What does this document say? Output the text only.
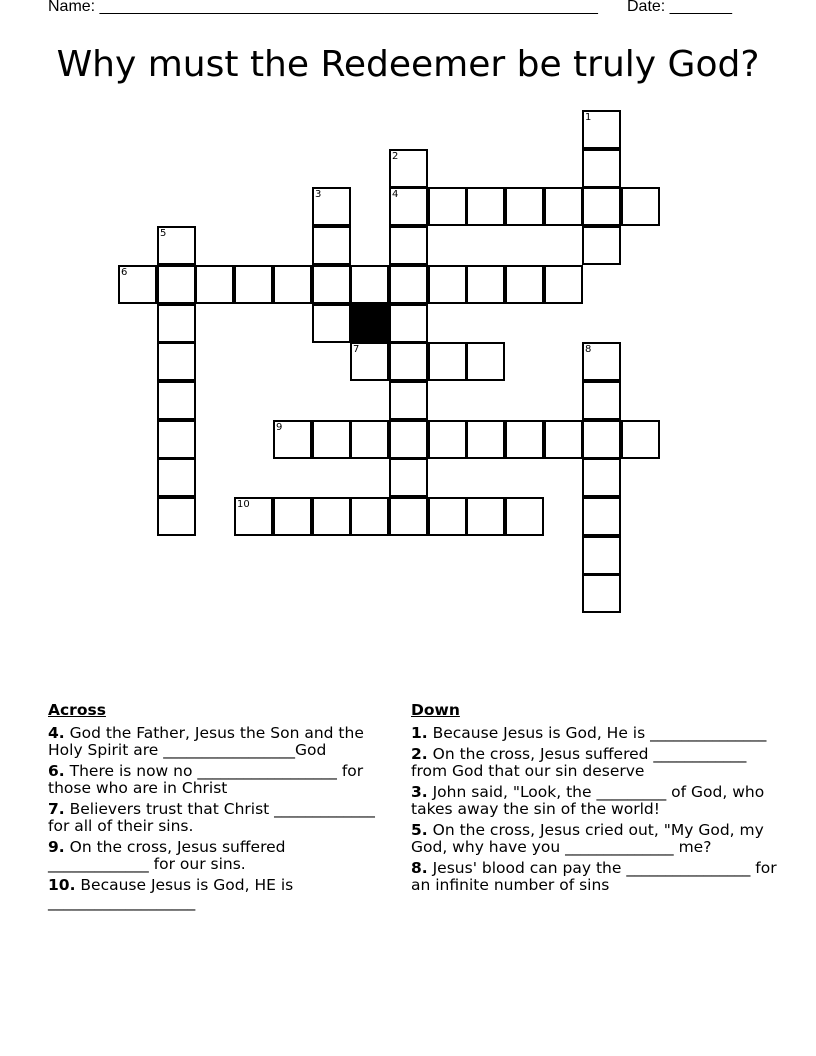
Name: ________________________________________________________ Date: _______
Why must the Redeemer be truly God?
1
2
3	4
5
6
7	8
9
10
Across
4. God the Father, Jesus the Son and the Holy Spirit are _________________God
6. There is now no __________________ for those who are in Christ
7. Believers trust that Christ _____________ for all of their sins.
9. On the cross, Jesus suffered _____________ for our sins.
10. Because Jesus is God, HE is ___________________
Down
1. Because Jesus is God, He is _______________
2. On the cross, Jesus suffered ____________ from God that our sin deserve
3. John said, "Look, the _________ of God, who takes away the sin of the world!
5. On the cross, Jesus cried out, "My God, my God, why have you ______________ me?
8. Jesus' blood can pay the ________________ for an infinite number of sins
